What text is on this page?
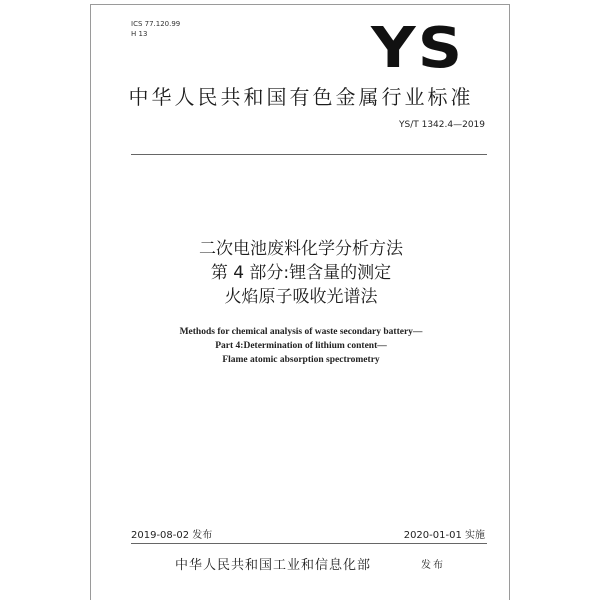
ICS 77.120.99
H 13	YS
中华人民共和国有色金属行业标准
YS/T 1342.4—2019
二次电池废料化学分析方法
第 4 部分:锂含量的测定
火焰原子吸收光谱法
Methods for chemical analysis of waste secondary battery—
Part 4:Determination of lithium content—
Flame atomic absorption spectrometry
2019-08-02 发布	2020-01-01 实施
中华人民共和国工业和信息化部	发布
